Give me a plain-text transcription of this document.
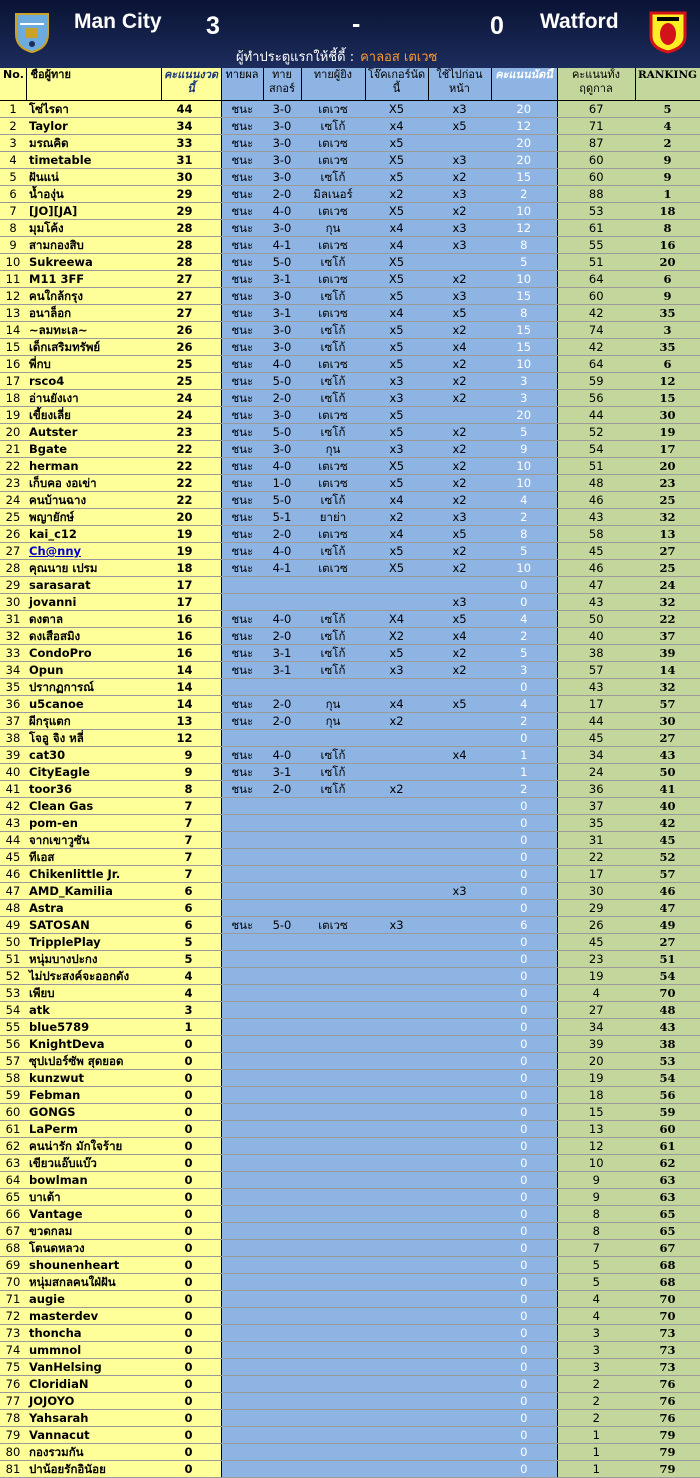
Man City 3	-	0 Watford
ผู้ทำประตูแรกให้ชี้ดี้ : คาลอส เตเวซ
No.	ชื่อผู้ทาย	คะแนนงวดนี้	ทายผล	ทายสกอร์	ทายผู้ยิง	โจ๊คเกอร์นัดนี้	ใช้ไปก่อนหน้า	คะแนนนัดนี้	คะแนนทั้งฤดูกาล	RANKING
1	โซ่ไรดา	44	ชนะ	3-0	เตเวซ	X5	x3	20	67	5
2	Taylor	34	ชนะ	3-0	เซโก้	x4	x5	12	71	4
3	มรณคิด	33	ชนะ	3-0	เตเวซ	x5		20	87	2
4	timetable	31	ชนะ	3-0	เตเวซ	X5	x3	20	60	9
5	ฝันแน่	30	ชนะ	3-0	เซโก้	x5	x2	15	60	9
6	น้ำองุ่น	29	ชนะ	2-0	มิลเนอร์	x2	x3	2	88	1
7	[JO][JA]	29	ชนะ	4-0	เตเวซ	X5	x2	10	53	18
8	มุมโค้ง	28	ชนะ	3-0	กุน	x4	x3	12	61	8
9	สามกองสิบ	28	ชนะ	4-1	เตเวซ	x4	x3	8	55	16
10	Sukreewa	28	ชนะ	5-0	เซโก้	X5		5	51	20
11	M11 3FF	27	ชนะ	3-1	เตเวซ	X5	x2	10	64	6
12	คนใกล้กรุง	27	ชนะ	3-0	เซโก้	x5	x3	15	60	9
13	อนาล็อก	27	ชนะ	3-1	เตเวซ	x4	x5	8	42	35
14	~ลมทะเล~	26	ชนะ	3-0	เซโก้	x5	x2	15	74	3
15	เด็กเสริมทรัพย์	26	ชนะ	3-0	เซโก้	x5	x4	15	42	35
16	พี่กบ	25	ชนะ	4-0	เตเวซ	x5	x2	10	64	6
17	rsco4	25	ชนะ	5-0	เซโก้	x3	x2	3	59	12
18	อ่านยังเงา	24	ชนะ	2-0	เซโก้	x3	x2	3	56	15
19	เขี้ยงเลี่ย	24	ชนะ	3-0	เตเวซ	x5		20	44	30
20	Autster	23	ชนะ	5-0	เซโก้	x5	x2	5	52	19
21	Bgate	22	ชนะ	3-0	กุน	x3	x2	9	54	17
22	herman	22	ชนะ	4-0	เตเวซ	X5	x2	10	51	20
23	เก็บคอ งอเข่า	22	ชนะ	1-0	เตเวซ	x5	x2	10	48	23
24	คนบ้านฉาง	22	ชนะ	5-0	เซโก้	x4	x2	4	46	25
25	พญายักษ์	20	ชนะ	5-1	ยาย่า	x2	x3	2	43	32
26	kai_c12	19	ชนะ	2-0	เตเวซ	x4	x5	8	58	13
27	Ch@nny	19	ชนะ	4-0	เซโก้	x5	x2	5	45	27
28	คุณนาย เปรม	18	ชนะ	4-1	เตเวซ	X5	x2	10	46	25
29	sarasarat	17						0	47	24
30	jovanni	17					x3	0	43	32
31	ดงตาล	16	ชนะ	4-0	เซโก้	X4	x5	4	50	22
32	ดงเสือสมิง	16	ชนะ	2-0	เซโก้	X2	x4	2	40	37
33	CondoPro	16	ชนะ	3-1	เซโก้	x5	x2	5	38	39
34	Opun	14	ชนะ	3-1	เซโก้	x3	x2	3	57	14
35	ปรากฏการณ์	14						0	43	32
36	u5canoe	14	ชนะ	2-0	กุน	x4	x5	4	17	57
37	ผีกรุแตก	13	ชนะ	2-0	กุน	x2		2	44	30
38	โจอู จิง หลี่	12						0	45	27
39	cat30	9	ชนะ	4-0	เซโก้		x4	1	34	43
40	CityEagle	9	ชนะ	3-1	เซโก้			1	24	50
41	toor36	8	ชนะ	2-0	เซโก้	x2		2	36	41
42	Clean Gas	7						0	37	40
43	pom-en	7						0	35	42
44	จากเขาวูซัน	7						0	31	45
45	ทีเอส	7						0	22	52
46	Chikenlittle Jr.	7						0	17	57
47	AMD_Kamilia	6					x3	0	30	46
48	Astra	6						0	29	47
49	SATOSAN	6	ชนะ	5-0	เตเวซ	x3		6	26	49
50	TripplePlay	5						0	45	27
51	หนุ่มบางปะกง	5						0	23	51
52	ไม่ประสงค์จะออกดัง	4						0	19	54
53	เพียบ	4						0	4	70
54	atk	3						0	27	48
55	blue5789	1						0	34	43
56	KnightDeva	0						0	39	38
57	ซุปเปอร์ซัพ สุดยอด	0						0	20	53
58	kunzwut	0						0	19	54
59	Febman	0						0	18	56
60	GONGS	0						0	15	59
61	LaPerm	0						0	13	60
62	คนน่ารัก มักใจร้าย	0						0	12	61
63	เขียวแอ๊บแบ๊ว	0						0	10	62
64	bowlman	0						0	9	63
65	บาเต้า	0						0	9	63
66	Vantage	0						0	8	65
67	ขวดกลม	0						0	8	65
68	โตนดหลวง	0						0	7	67
69	shounenheart	0						0	5	68
70	หนุ่มสกลคนใฝ่ฝัน	0						0	5	68
71	augie	0						0	4	70
72	masterdev	0						0	4	70
73	thoncha	0						0	3	73
74	ummnol	0						0	3	73
75	VanHelsing	0						0	3	73
76	CloridiaN	0						0	2	76
77	JOJOYO	0						0	2	76
78	Yahsarah	0						0	2	76
79	Vannacut	0						0	1	79
80	กองรวมกัน	0						0	1	79
81	ปาน้อยรักอินัอย	0						0	1	79
